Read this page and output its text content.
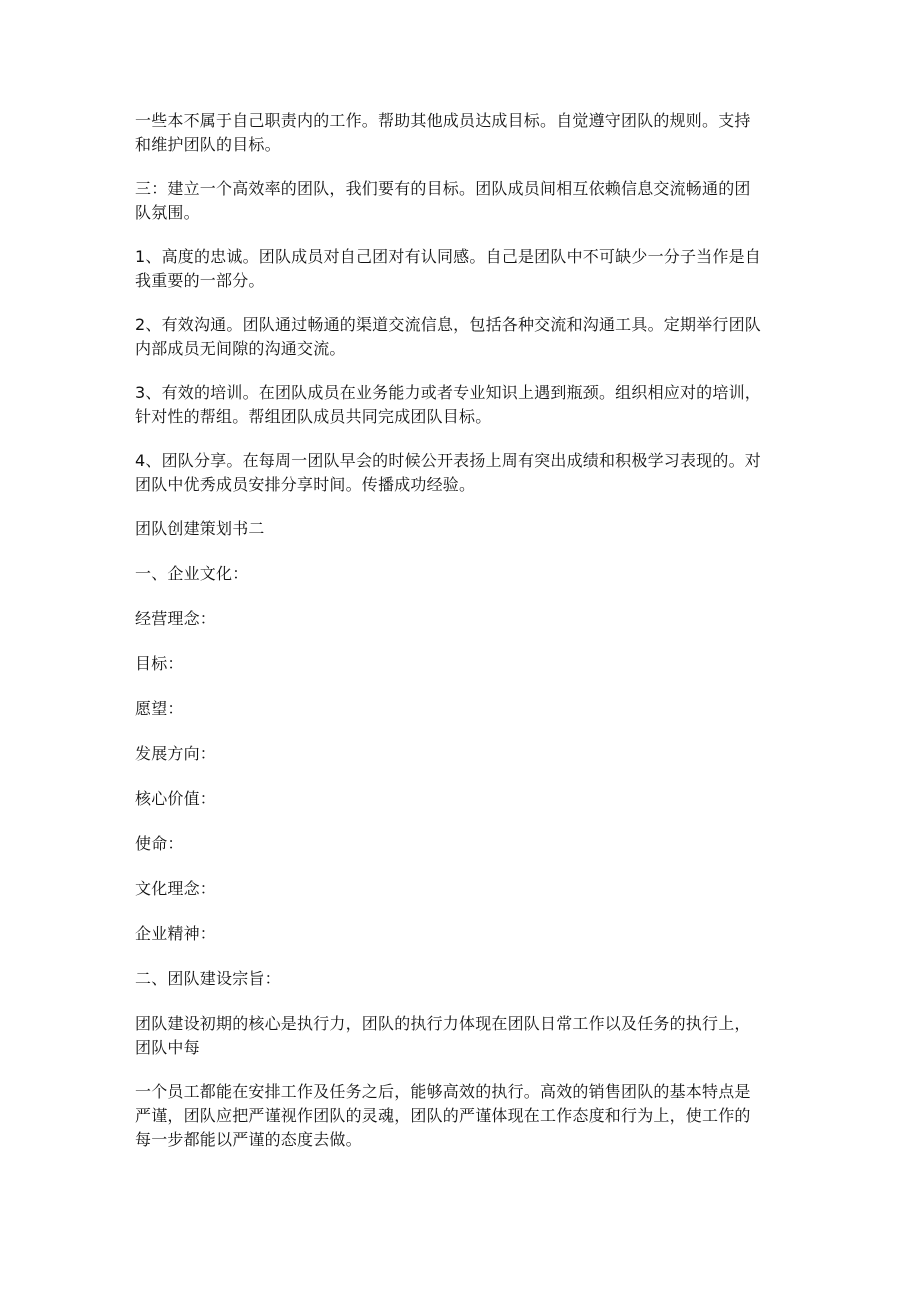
一些本不属于自己职责内的工作。帮助其他成员达成目标。自觉遵守团队的规则。支持
和维护团队的目标。

三：建立一个高效率的团队，我们要有的目标。团队成员间相互依赖信息交流畅通的团
队氛围。

1、高度的忠诚。团队成员对自己团对有认同感。自己是团队中不可缺少一分子当作是自
我重要的一部分。

2、有效沟通。团队通过畅通的渠道交流信息，包括各种交流和沟通工具。定期举行团队
内部成员无间隙的沟通交流。

3、有效的培训。在团队成员在业务能力或者专业知识上遇到瓶颈。组织相应对的培训，
针对性的帮组。帮组团队成员共同完成团队目标。

4、团队分享。在每周一团队早会的时候公开表扬上周有突出成绩和积极学习表现的。对
团队中优秀成员安排分享时间。传播成功经验。

团队创建策划书二

一、企业文化：

经营理念：

目标：

愿望：

发展方向：

核心价值：

使命：

文化理念：

企业精神：

二、团队建设宗旨：

团队建设初期的核心是执行力，团队的执行力体现在团队日常工作以及任务的执行上，
团队中每

一个员工都能在安排工作及任务之后，能够高效的执行。高效的销售团队的基本特点是
严谨，团队应把严谨视作团队的灵魂，团队的严谨体现在工作态度和行为上，使工作的
每一步都能以严谨的态度去做。
